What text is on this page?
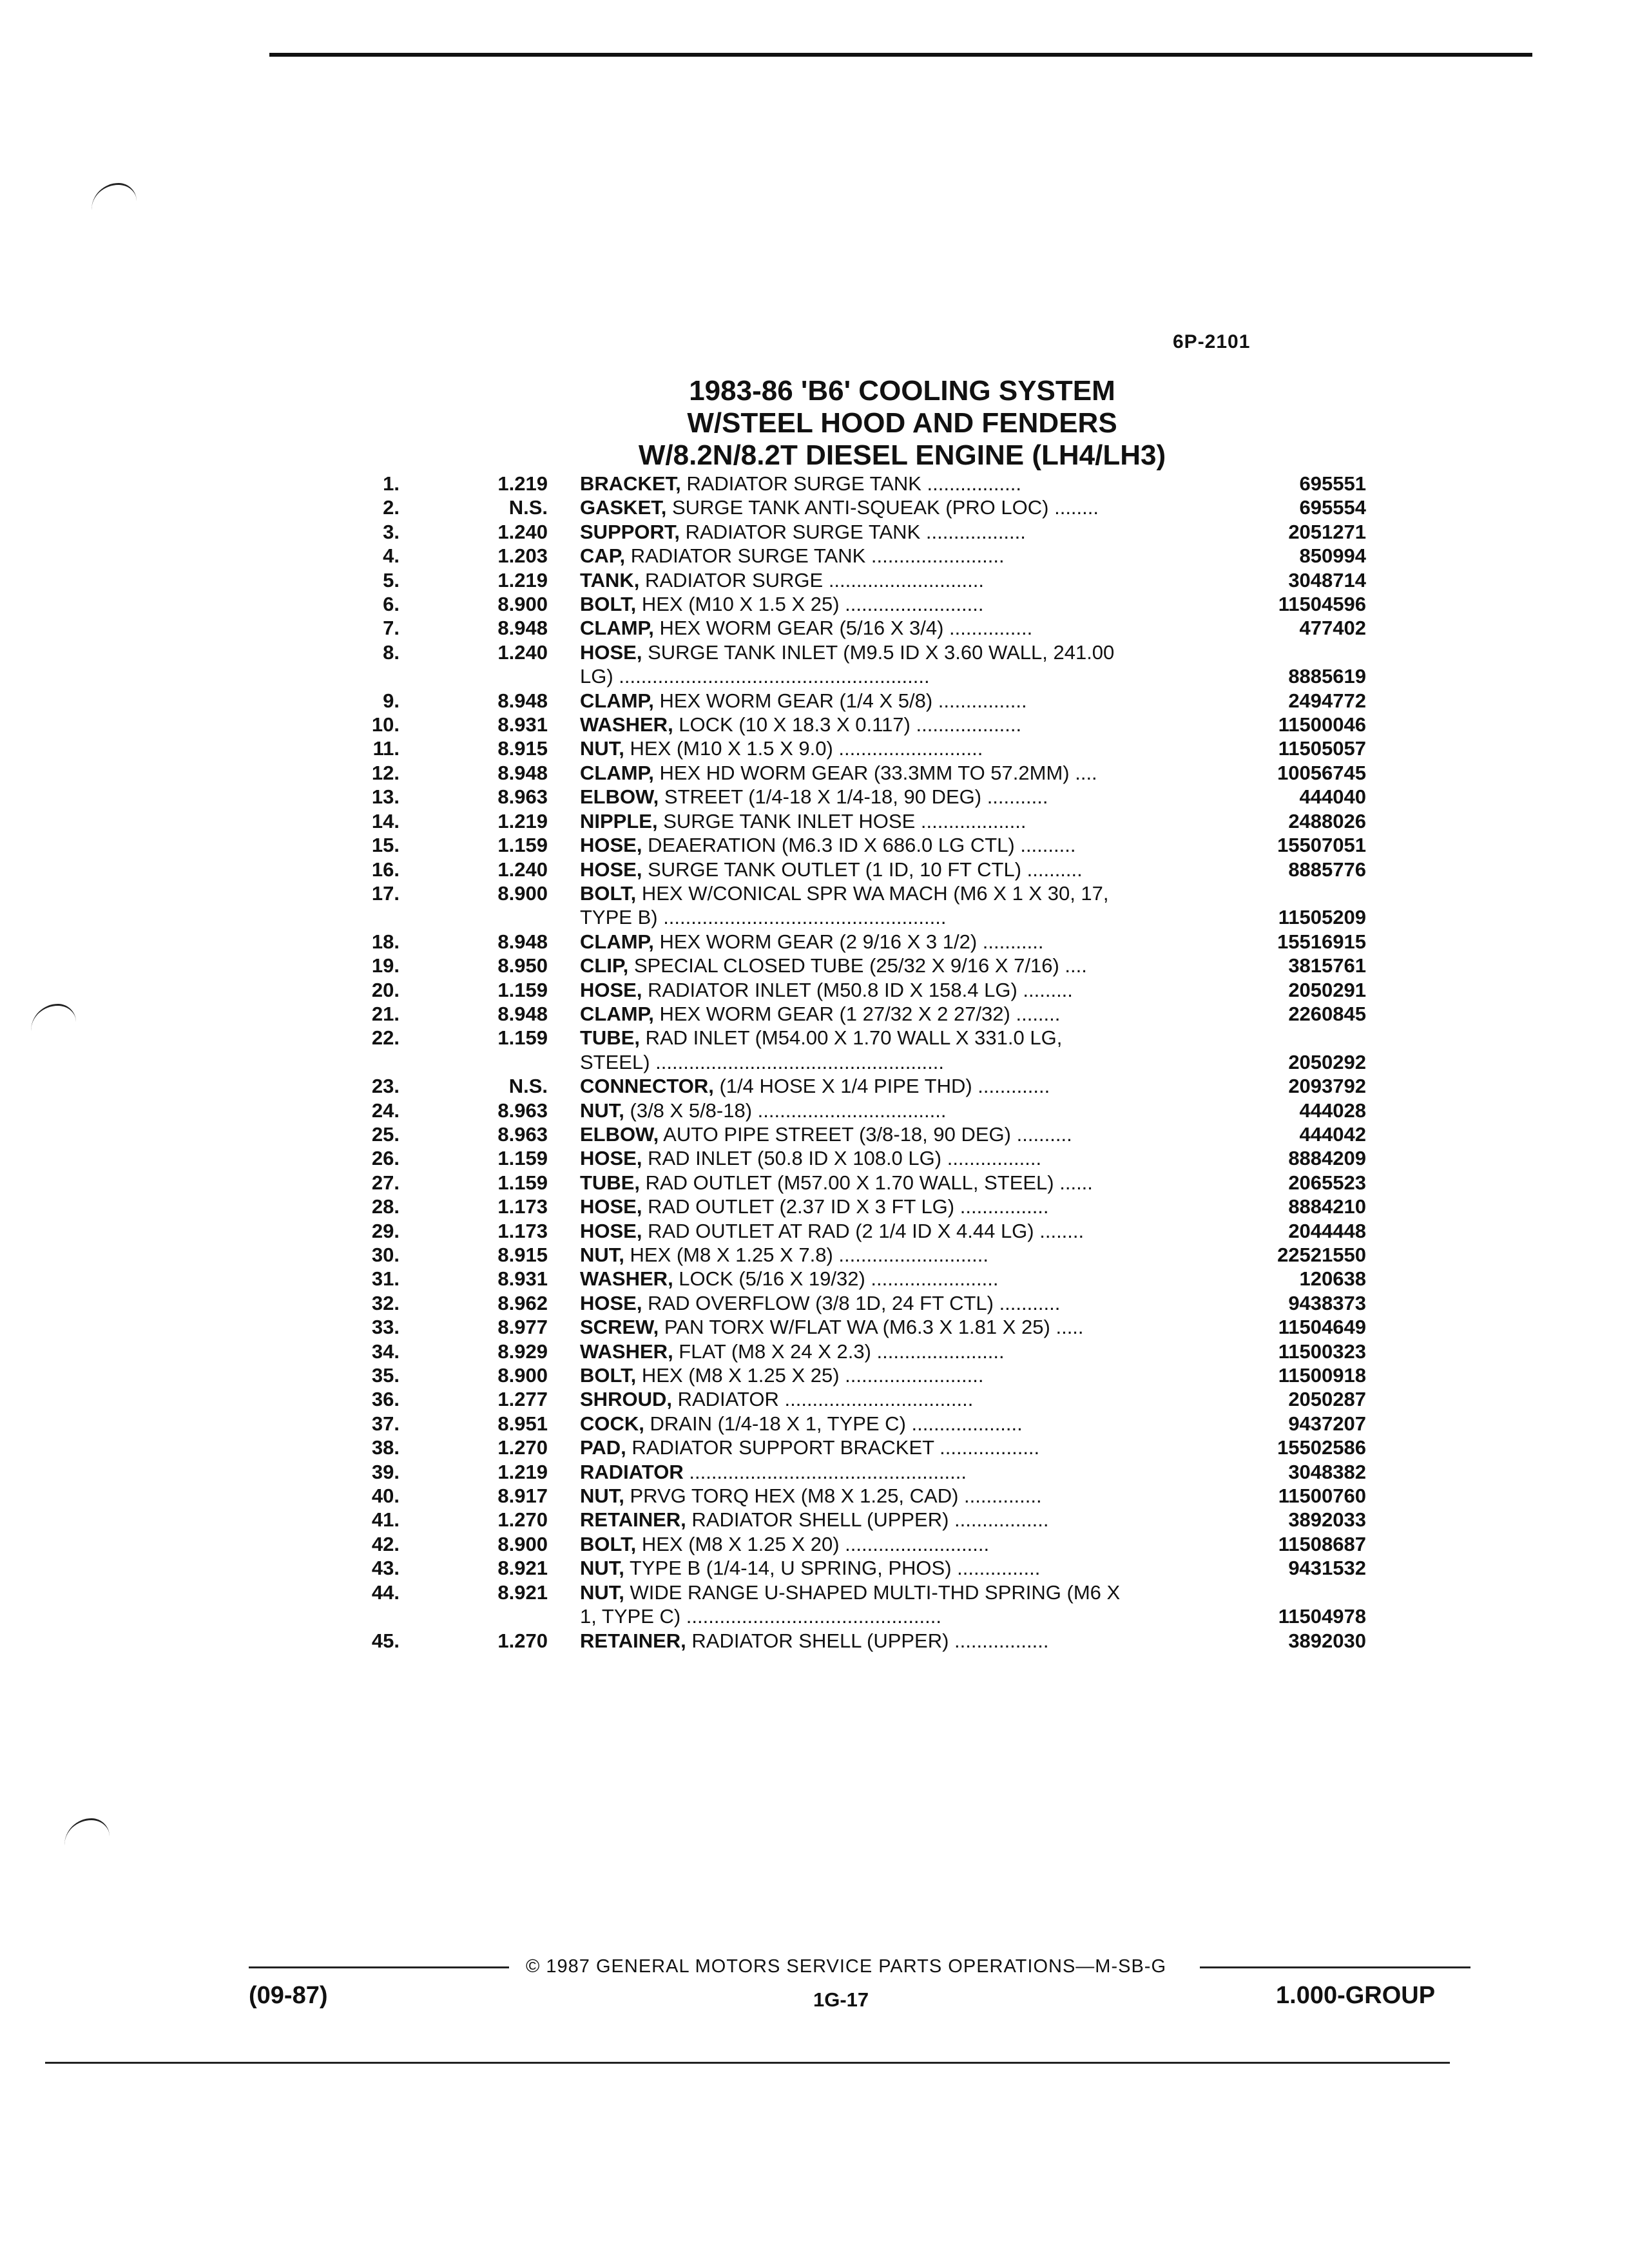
6P-2101
1983-86 'B6' COOLING SYSTEM
W/STEEL HOOD AND FENDERS
W/8.2N/8.2T DIESEL ENGINE (LH4/LH3)
1.	1.219 BRACKET, RADIATOR SURGE TANK .................	695551
2.	N.S. GASKET, SURGE TANK ANTI-SQUEAK (PRO LOC) ........	695554
3.	1.240 SUPPORT, RADIATOR SURGE TANK ..................	2051271
4.	1.203 CAP, RADIATOR SURGE TANK ........................	850994
5.	1.219 TANK, RADIATOR SURGE ............................	3048714
6.	8.900 BOLT, HEX (M10 X 1.5 X 25) .........................	11504596
7.	8.948 CLAMP, HEX WORM GEAR (5/16 X 3/4) ...............	477402
8.	1.240 HOSE, SURGE TANK INLET (M9.5 ID X 3.60 WALL, 241.00
LG) ........................................................	8885619
9.	8.948 CLAMP, HEX WORM GEAR (1/4 X 5/8) ................	2494772
10.	8.931 WASHER, LOCK (10 X 18.3 X 0.117) ...................	11500046
11.	8.915 NUT, HEX (M10 X 1.5 X 9.0) ..........................	11505057
12.	8.948 CLAMP, HEX HD WORM GEAR (33.3MM TO 57.2MM) ....	10056745
13.	8.963 ELBOW, STREET (1/4-18 X 1/4-18, 90 DEG) ...........	444040
14.	1.219 NIPPLE, SURGE TANK INLET HOSE ...................	2488026
15.	1.159 HOSE, DEAERATION (M6.3 ID X 686.0 LG CTL) ..........	15507051
16.	1.240 HOSE, SURGE TANK OUTLET (1 ID, 10 FT CTL) ..........	8885776
17.	8.900 BOLT, HEX W/CONICAL SPR WA MACH (M6 X 1 X 30, 17,
TYPE B) ...................................................	11505209
18.	8.948 CLAMP, HEX WORM GEAR (2 9/16 X 3 1/2) ...........	15516915
19.	8.950 CLIP, SPECIAL CLOSED TUBE (25/32 X 9/16 X 7/16) ....	3815761
20.	1.159 HOSE, RADIATOR INLET (M50.8 ID X 158.4 LG) .........	2050291
21.	8.948 CLAMP, HEX WORM GEAR (1 27/32 X 2 27/32) ........	2260845
22.	1.159 TUBE, RAD INLET (M54.00 X 1.70 WALL X 331.0 LG,
STEEL) ....................................................	2050292
23.	N.S. CONNECTOR, (1/4 HOSE X 1/4 PIPE THD) .............	2093792
24.	8.963 NUT, (3/8 X 5/8-18) ..................................	444028
25.	8.963 ELBOW, AUTO PIPE STREET (3/8-18, 90 DEG) ..........	444042
26.	1.159 HOSE, RAD INLET (50.8 ID X 108.0 LG) .................	8884209
27.	1.159 TUBE, RAD OUTLET (M57.00 X 1.70 WALL, STEEL) ......	2065523
28.	1.173 HOSE, RAD OUTLET (2.37 ID X 3 FT LG) ................	8884210
29.	1.173 HOSE, RAD OUTLET AT RAD (2 1/4 ID X 4.44 LG) ........	2044448
30.	8.915 NUT, HEX (M8 X 1.25 X 7.8) ...........................	22521550
31.	8.931 WASHER, LOCK (5/16 X 19/32) .......................	120638
32.	8.962 HOSE, RAD OVERFLOW (3/8 1D, 24 FT CTL) ...........	9438373
33.	8.977 SCREW, PAN TORX W/FLAT WA (M6.3 X 1.81 X 25) .....	11504649
34.	8.929 WASHER, FLAT (M8 X 24 X 2.3) .......................	11500323
35.	8.900 BOLT, HEX (M8 X 1.25 X 25) .........................	11500918
36.	1.277 SHROUD, RADIATOR ..................................	2050287
37.	8.951 COCK, DRAIN (1/4-18 X 1, TYPE C) ....................	9437207
38.	1.270 PAD, RADIATOR SUPPORT BRACKET ..................	15502586
39.	1.219 RADIATOR ..................................................	3048382
40.	8.917 NUT, PRVG TORQ HEX (M8 X 1.25, CAD) ..............	11500760
41.	1.270 RETAINER, RADIATOR SHELL (UPPER) .................	3892033
42.	8.900 BOLT, HEX (M8 X 1.25 X 20) ..........................	11508687
43.	8.921 NUT, TYPE B (1/4-14, U SPRING, PHOS) ...............	9431532
44.	8.921 NUT, WIDE RANGE U-SHAPED MULTI-THD SPRING (M6 X
1, TYPE C) ..............................................	11504978
45.	1.270 RETAINER, RADIATOR SHELL (UPPER) .................	3892030
© 1987 GENERAL MOTORS SERVICE PARTS OPERATIONS—M-SB-G
(09-87)	1G-17	1.000-GROUP
